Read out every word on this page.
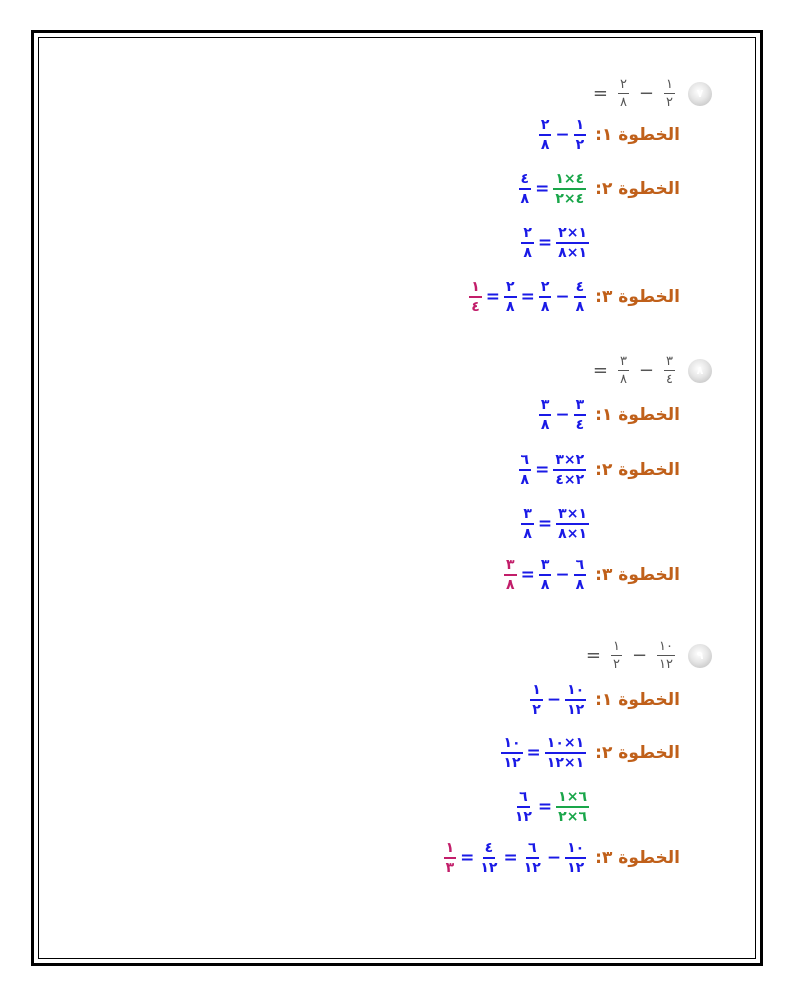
٧
$\frac{١}{٢}$
−
$\frac{٢}{٨}$
=
الخطوة ١:
$\frac{١}{٢}$
−
$\frac{٢}{٨}$
الخطوة ٢:
$\frac{٤\times ١}{٤\times ٢}$
=
$\frac{٤}{٨}$
$\frac{١\times ٢}{١\times ٨}$
=
$\frac{٢}{٨}$
الخطوة ٣:
$\frac{٤}{٨}$
−
$\frac{٢}{٨}$
=
$\frac{٢}{٨}$
=
$\frac{١}{٤}$
٨
$\frac{٣}{٤}$
−
$\frac{٣}{٨}$
=
الخطوة ١:
$\frac{٣}{٤}$
−
$\frac{٣}{٨}$
الخطوة ٢:
$\frac{٢\times ٣}{٢\times ٤}$
=
$\frac{٦}{٨}$
$\frac{١\times ٣}{١\times ٨}$
=
$\frac{٣}{٨}$
الخطوة ٣:
$\frac{٦}{٨}$
−
$\frac{٣}{٨}$
=
$\frac{٣}{٨}$
٩
$\frac{١٠}{١٢}$
−
$\frac{١}{٢}$
=
الخطوة ١:
$\frac{١٠}{١٢}$
−
$\frac{١}{٢}$
الخطوة ٢:
$\frac{١\times ١٠}{١\times ١٢}$
=
$\frac{١٠}{١٢}$
$\frac{٦\times ١}{٦\times ٢}$
=
$\frac{٦}{١٢}$
الخطوة ٣:
$\frac{١٠}{١٢}$
−
$\frac{٦}{١٢}$
=
$\frac{٤}{١٢}$
=
$\frac{١}{٣}$
